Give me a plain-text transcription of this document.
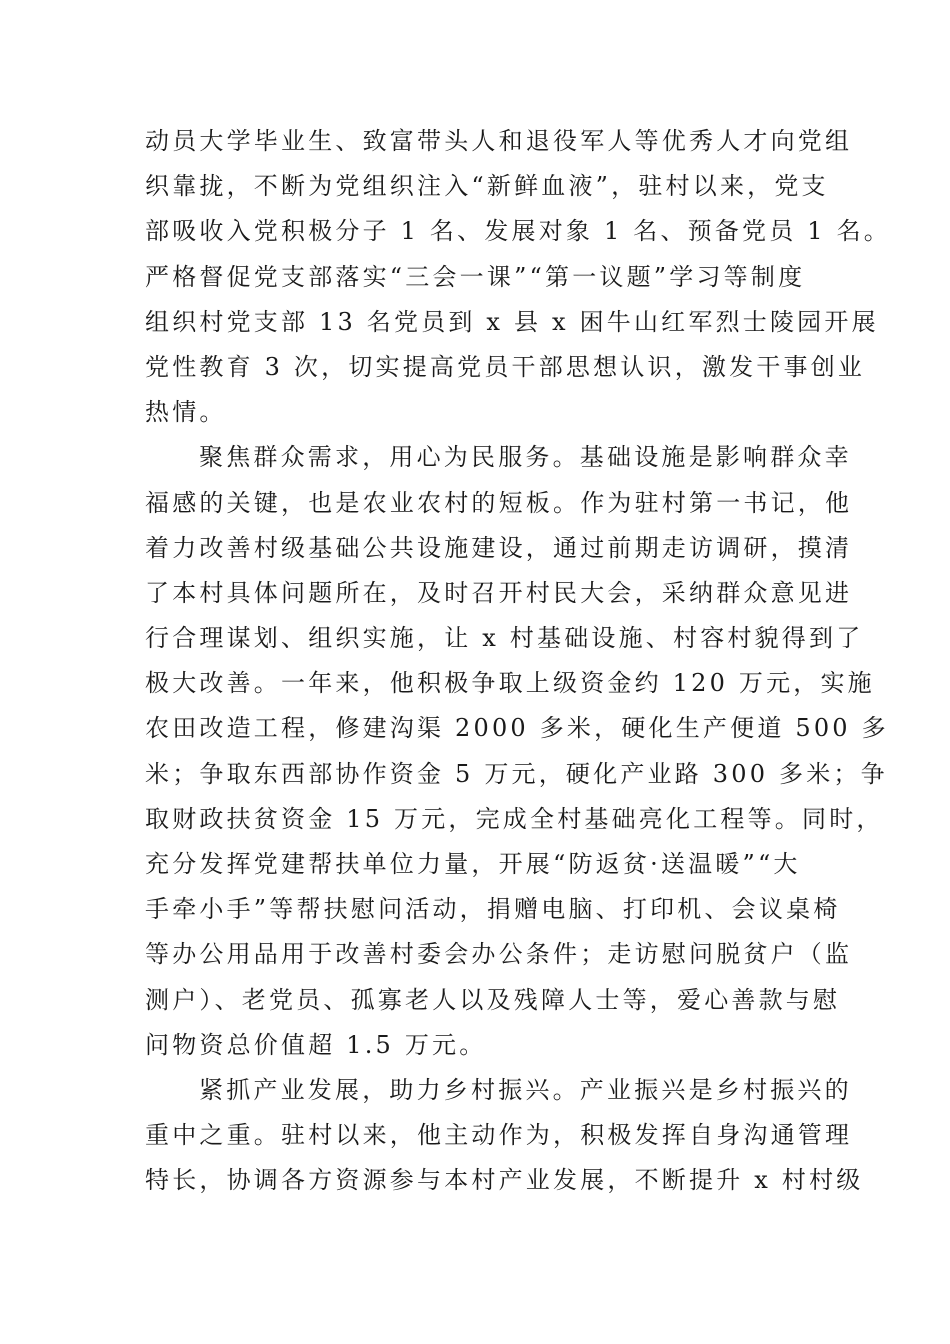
动员大学毕业生、致富带头人和退役军人等优秀人才向党组
织靠拢，不断为党组织注入“新鲜血液”，驻村以来，党支
部吸收入党积极分子 1 名、发展对象 1 名、预备党员 1 名。
严格督促党支部落实“三会一课”“第一议题”学习等制度
组织村党支部 13 名党员到 x 县 x 困牛山红军烈士陵园开展
党性教育 3 次，切实提高党员干部思想认识，激发干事创业
热情。
聚焦群众需求，用心为民服务。基础设施是影响群众幸
福感的关键，也是农业农村的短板。作为驻村第一书记，他
着力改善村级基础公共设施建设，通过前期走访调研，摸清
了本村具体问题所在，及时召开村民大会，采纳群众意见进
行合理谋划、组织实施，让 x 村基础设施、村容村貌得到了
极大改善。一年来，他积极争取上级资金约 120 万元，实施
农田改造工程，修建沟渠 2000 多米，硬化生产便道 500 多
米；争取东西部协作资金 5 万元，硬化产业路 300 多米；争
取财政扶贫资金 15 万元，完成全村基础亮化工程等。同时，
充分发挥党建帮扶单位力量，开展“防返贫·送温暖”“大
手牵小手”等帮扶慰问活动，捐赠电脑、打印机、会议桌椅
等办公用品用于改善村委会办公条件；走访慰问脱贫户（监
测户）、老党员、孤寡老人以及残障人士等，爱心善款与慰
问物资总价值超 1.5 万元。
紧抓产业发展，助力乡村振兴。产业振兴是乡村振兴的
重中之重。驻村以来，他主动作为，积极发挥自身沟通管理
特长，协调各方资源参与本村产业发展，不断提升 x 村村级
